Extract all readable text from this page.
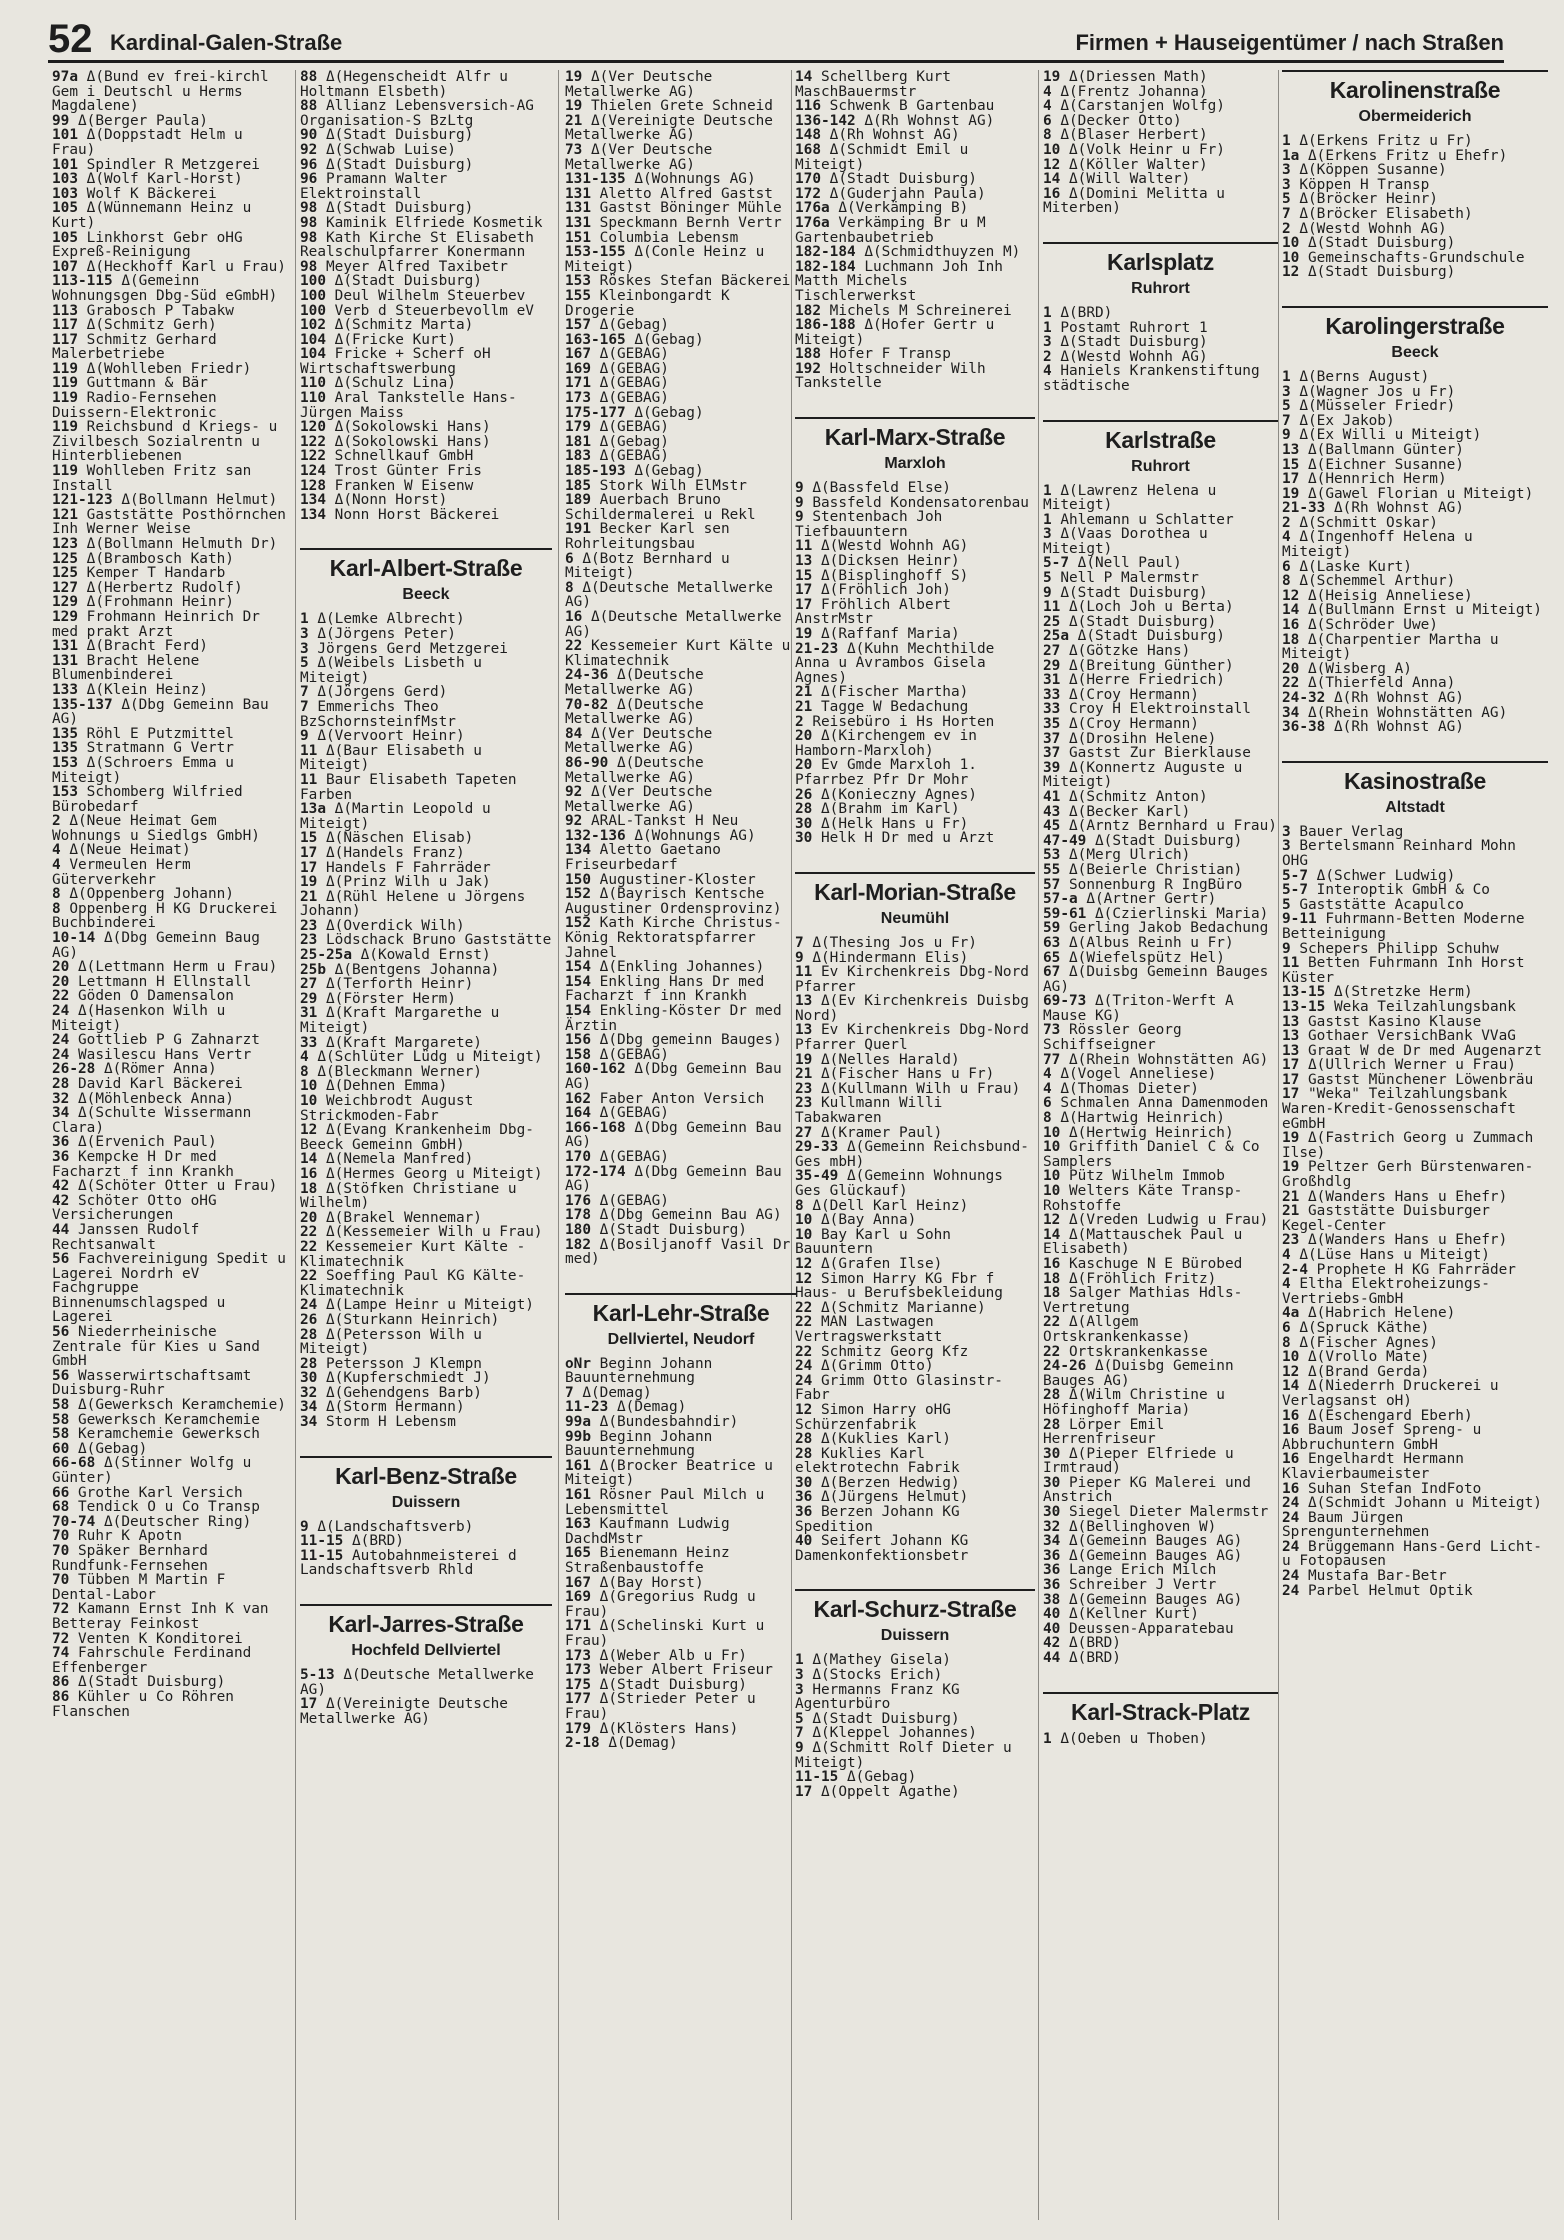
52 Kardinal-Galen-Straße	Firmen + Hauseigentümer / nach Straßen

97a Δ(Bund ev frei-kirchl Gem i Deutschl u Herms Magdalene)

99 Δ(Berger Paula)

101 Δ(Doppstadt Helm u Frau)

101 Spindler R Metzgerei

103 Δ(Wolf Karl-Horst)

103 Wolf K Bäckerei

105 Δ(Wünnemann Heinz u Kurt)

105 Linkhorst Gebr oHG Expreß-Reinigung

107 Δ(Heckhoff Karl u Frau)

113-115 Δ(Gemeinn Wohnungsgen Dbg-Süd eGmbH)

113 Grabosch P Tabakw

117 Δ(Schmitz Gerh)

117 Schmitz Gerhard Malerbetriebe

119 Δ(Wohlleben Friedr)

119 Guttmann & Bär

119 Radio-Fernsehen Duissern-Elektronic

119 Reichsbund d Kriegs- u Zivilbesch Sozialrentn u Hinterbliebenen

119 Wohlleben Fritz san Install

121-123 Δ(Bollmann Helmut)

121 Gaststätte Posthörnchen Inh Werner Weise

123 Δ(Bollmann Helmuth Dr)

125 Δ(Brambosch Kath)

125 Kemper T Handarb

127 Δ(Herbertz Rudolf)

129 Δ(Frohmann Heinr)

129 Frohmann Heinrich Dr med prakt Arzt

131 Δ(Bracht Ferd)

131 Bracht Helene Blumenbinderei

133 Δ(Klein Heinz)

135-137 Δ(Dbg Gemeinn Bau AG)

135 Röhl E Putzmittel

135 Stratmann G Vertr

153 Δ(Schroers Emma u Miteigt)

153 Schomberg Wilfried Bürobedarf

2 Δ(Neue Heimat Gem Wohnungs u Siedlgs GmbH)

4 Δ(Neue Heimat)

4 Vermeulen Herm Güterverkehr

8 Δ(Oppenberg Johann)

8 Oppenberg H KG Druckerei Buchbinderei

10-14 Δ(Dbg Gemeinn Baug AG)

20 Δ(Lettmann Herm u Frau)

20 Lettmann H Ellnstall

22 Göden O Damensalon

24 Δ(Hasenkon Wilh u Miteigt)

24 Gottlieb P G Zahnarzt

24 Wasilescu Hans Vertr

26-28 Δ(Römer Anna)

28 David Karl Bäckerei

32 Δ(Möhlenbeck Anna)

34 Δ(Schulte Wissermann Clara)

36 Δ(Ervenich Paul)

36 Kempcke H Dr med Facharzt f inn Krankh

42 Δ(Schöter Otter u Frau)

42 Schöter Otto oHG Versicherungen

44 Janssen Rudolf Rechtsanwalt

56 Fachvereinigung Spedit u Lagerei Nordrh eV Fachgruppe Binnenumschlagsped u Lagerei

56 Niederrheinische Zentrale für Kies u Sand GmbH

56 Wasserwirtschaftsamt Duisburg-Ruhr

58 Δ(Gewerksch Keramchemie)

58 Gewerksch Keramchemie

58 Keramchemie Gewerksch

60 Δ(Gebag)

66-68 Δ(Stinner Wolfg u Günter)

66 Grothe Karl Versich

68 Tendick O u Co Transp

70-74 Δ(Deutscher Ring)

70 Ruhr K Apotn

70 Späker Bernhard Rundfunk-Fernsehen

70 Tübben M Martin F Dental-Labor

72 Kamann Ernst Inh K van Betteray Feinkost

72 Venten K Konditorei

74 Fahrschule Ferdinand Effenberger

86 Δ(Stadt Duisburg)

86 Kühler u Co Röhren Flanschen

88 Δ(Hegenscheidt Alfr u Holtmann Elsbeth)

88 Allianz Lebensversich-AG Organisation-S BzLtg

90 Δ(Stadt Duisburg)

92 Δ(Schwab Luise)

96 Δ(Stadt Duisburg)

96 Pramann Walter Elektroinstall

98 Δ(Stadt Duisburg)

98 Kaminik Elfriede Kosmetik

98 Kath Kirche St Elisabeth Realschulpfarrer Konermann

98 Meyer Alfred Taxibetr

100 Δ(Stadt Duisburg)

100 Deul Wilhelm Steuerbev

100 Verb d Steuerbevollm eV

102 Δ(Schmitz Marta)

104 Δ(Fricke Kurt)

104 Fricke + Scherf oH Wirtschaftswerbung

110 Δ(Schulz Lina)

110 Aral Tankstelle Hans-Jürgen Maiss

120 Δ(Sokolowski Hans)

122 Δ(Sokolowski Hans)

122 Schnellkauf GmbH

124 Trost Günter Fris

128 Franken W Eisenw

134 Δ(Nonn Horst)

134 Nonn Horst Bäckerei

Karl-Albert-Straße
Beeck

1 Δ(Lemke Albrecht)

3 Δ(Jörgens Peter)

3 Jörgens Gerd Metzgerei

5 Δ(Weibels Lisbeth u Miteigt)

7 Δ(Jörgens Gerd)

7 Emmerichs Theo BzSchornsteinfMstr

9 Δ(Vervoort Heinr)

11 Δ(Baur Elisabeth u Miteigt)

11 Baur Elisabeth Tapeten Farben

13a Δ(Martin Leopold u Miteigt)

15 Δ(Näschen Elisab)

17 Δ(Handels Franz)

17 Handels F Fahrräder

19 Δ(Prinz Wilh u Jak)

21 Δ(Rühl Helene u Jörgens Johann)

23 Δ(Overdick Wilh)

23 Lödschack Bruno Gaststätte

25-25a Δ(Kowald Ernst)

25b Δ(Bentgens Johanna)

27 Δ(Terforth Heinr)

29 Δ(Förster Herm)

31 Δ(Kraft Margarethe u Miteigt)

33 Δ(Kraft Margarete)

4 Δ(Schlüter Lüdg u Miteigt)

8 Δ(Bleckmann Werner)

10 Δ(Dehnen Emma)

10 Weichbrodt August Strickmoden-Fabr

12 Δ(Evang Krankenheim Dbg-Beeck Gemeinn GmbH)

14 Δ(Nemela Manfred)

16 Δ(Hermes Georg u Miteigt)

18 Δ(Stöfken Christiane u Wilhelm)

20 Δ(Brakel Wennemar)

22 Δ(Kessemeier Wilh u Frau)

22 Kessemeier Kurt Kälte - Klimatechnik

22 Soeffing Paul KG Kälte-Klimatechnik

24 Δ(Lampe Heinr u Miteigt)

26 Δ(Sturkann Heinrich)

28 Δ(Petersson Wilh u Miteigt)

28 Petersson J Klempn

30 Δ(Kupferschmiedt J)

32 Δ(Gehendgens Barb)

34 Δ(Storm Hermann)

34 Storm H Lebensm

Karl-Benz-Straße
Duissern

9 Δ(Landschaftsverb)

11-15 Δ(BRD)

11-15 Autobahnmeisterei d Landschaftsverb Rhld

Karl-Jarres-Straße
Hochfeld Dellviertel

5-13 Δ(Deutsche Metallwerke AG)

17 Δ(Vereinigte Deutsche Metallwerke AG)

19 Δ(Ver Deutsche Metallwerke AG)

19 Thielen Grete Schneid

21 Δ(Vereinigte Deutsche Metallwerke AG)

73 Δ(Ver Deutsche Metallwerke AG)

131-135 Δ(Wohnungs AG)

131 Aletto Alfred Gastst

131 Gastst Böninger Mühle

131 Speckmann Bernh Vertr

151 Columbia Lebensm

153-155 Δ(Conle Heinz u Miteigt)

153 Röskes Stefan Bäckerei

155 Kleinbongardt K Drogerie

157 Δ(Gebag)

163-165 Δ(Gebag)

167 Δ(GEBAG)

169 Δ(GEBAG)

171 Δ(GEBAG)

173 Δ(GEBAG)

175-177 Δ(Gebag)

179 Δ(GEBAG)

181 Δ(Gebag)

183 Δ(GEBAG)

185-193 Δ(Gebag)

185 Stork Wilh ElMstr

189 Auerbach Bruno Schildermalerei u Rekl

191 Becker Karl sen Rohrleitungsbau

6 Δ(Botz Bernhard u Miteigt)

8 Δ(Deutsche Metallwerke AG)

16 Δ(Deutsche Metallwerke AG)

22 Kessemeier Kurt Kälte u Klimatechnik

24-36 Δ(Deutsche Metallwerke AG)

70-82 Δ(Deutsche Metallwerke AG)

84 Δ(Ver Deutsche Metallwerke AG)

86-90 Δ(Deutsche Metallwerke AG)

92 Δ(Ver Deutsche Metallwerke AG)

92 ARAL-Tankst H Neu

132-136 Δ(Wohnungs AG)

134 Aletto Gaetano Friseurbedarf

150 Augustiner-Kloster

152 Δ(Bayrisch Kentsche Augustiner Ordensprovinz)

152 Kath Kirche Christus-König Rektoratspfarrer Jahnel

154 Δ(Enkling Johannes)

154 Enkling Hans Dr med Facharzt f inn Krankh

154 Enkling-Köster Dr med Ärztin

156 Δ(Dbg gemeinn Bauges)

158 Δ(GEBAG)

160-162 Δ(Dbg Gemeinn Bau AG)

162 Faber Anton Versich

164 Δ(GEBAG)

166-168 Δ(Dbg Gemeinn Bau AG)

170 Δ(GEBAG)

172-174 Δ(Dbg Gemeinn Bau AG)

176 Δ(GEBAG)

178 Δ(Dbg Gemeinn Bau AG)

180 Δ(Stadt Duisburg)

182 Δ(Bosiljanoff Vasil Dr med)

Karl-Lehr-Straße
Dellviertel, Neudorf

oNr Beginn Johann Bauunternehmung

7 Δ(Demag)

11-23 Δ(Demag)

99a Δ(Bundesbahndir)

99b Beginn Johann Bauunternehmung

161 Δ(Brocker Beatrice u Miteigt)

161 Rösner Paul Milch u Lebensmittel

163 Kaufmann Ludwig DachdMstr

165 Bienemann Heinz Straßenbaustoffe

167 Δ(Bay Horst)

169 Δ(Gregorius Rudg u Frau)

171 Δ(Schelinski Kurt u Frau)

173 Δ(Weber Alb u Fr)

173 Weber Albert Friseur

175 Δ(Stadt Duisburg)

177 Δ(Strieder Peter u Frau)

179 Δ(Klösters Hans)

2-18 Δ(Demag)

14 Schellberg Kurt MaschBauermstr

116 Schwenk B Gartenbau

136-142 Δ(Rh Wohnst AG)

148 Δ(Rh Wohnst AG)

168 Δ(Schmidt Emil u Miteigt)

170 Δ(Stadt Duisburg)

172 Δ(Guderjahn Paula)

176a Δ(Verkämping B)

176a Verkämping Br u M Gartenbaubetrieb

182-184 Δ(Schmidthuyzen M)

182-184 Luchmann Joh Inh Matth Michels Tischlerwerkst

182 Michels M Schreinerei

186-188 Δ(Hofer Gertr u Miteigt)

188 Hofer F Transp

192 Holtschneider Wilh Tankstelle

Karl-Marx-Straße
Marxloh

9 Δ(Bassfeld Else)

9 Bassfeld Kondensatorenbau

9 Stentenbach Joh Tiefbauuntern

11 Δ(Westd Wohnh AG)

13 Δ(Dicksen Heinr)

15 Δ(Bisplinghoff S)

17 Δ(Fröhlich Joh)

17 Fröhlich Albert AnstrMstr

19 Δ(Raffanf Maria)

21-23 Δ(Kuhn Mechthilde Anna u Avrambos Gisela Agnes)

21 Δ(Fischer Martha)

21 Tagge W Bedachung

2 Reisebüro i Hs Horten

20 Δ(Kirchengem ev in Hamborn-Marxloh)

20 Ev Gmde Marxloh 1. Pfarrbez Pfr Dr Mohr

26 Δ(Konieczny Agnes)

28 Δ(Brahm im Karl)

30 Δ(Helk Hans u Fr)

30 Helk H Dr med u Arzt

Karl-Morian-Straße
Neumühl

7 Δ(Thesing Jos u Fr)

9 Δ(Hindermann Elis)

11 Ev Kirchenkreis Dbg-Nord Pfarrer

13 Δ(Ev Kirchenkreis Duisbg Nord)

13 Ev Kirchenkreis Dbg-Nord Pfarrer Querl

19 Δ(Nelles Harald)

21 Δ(Fischer Hans u Fr)

23 Δ(Kullmann Wilh u Frau)

23 Kullmann Willi Tabakwaren

27 Δ(Kramer Paul)

29-33 Δ(Gemeinn Reichsbund-Ges mbH)

35-49 Δ(Gemeinn Wohnungs Ges Glückauf)

8 Δ(Dell Karl Heinz)

10 Δ(Bay Anna)

10 Bay Karl u Sohn Bauuntern

12 Δ(Grafen Ilse)

12 Simon Harry KG Fbr f Haus- u Berufsbekleidung

22 Δ(Schmitz Marianne)

22 MAN Lastwagen Vertragswerkstatt

22 Schmitz Georg Kfz

24 Δ(Grimm Otto)

24 Grimm Otto Glasinstr-Fabr

12 Simon Harry oHG Schürzenfabrik

28 Δ(Kuklies Karl)

28 Kuklies Karl elektrotechn Fabrik

30 Δ(Berzen Hedwig)

36 Δ(Jürgens Helmut)

36 Berzen Johann KG Spedition

40 Seifert Johann KG Damenkonfektionsbetr

Karl-Schurz-Straße
Duissern

1 Δ(Mathey Gisela)

3 Δ(Stocks Erich)

3 Hermanns Franz KG Agenturbüro

5 Δ(Stadt Duisburg)

7 Δ(Kleppel Johannes)

9 Δ(Schmitt Rolf Dieter u Miteigt)

11-15 Δ(Gebag)

17 Δ(Oppelt Agathe)

19 Δ(Driessen Math)

4 Δ(Frentz Johanna)

4 Δ(Carstanjen Wolfg)

6 Δ(Decker Otto)

8 Δ(Blaser Herbert)

10 Δ(Volk Heinr u Fr)

12 Δ(Köller Walter)

14 Δ(Will Walter)

16 Δ(Domini Melitta u Miterben)

Karlsplatz
Ruhrort

1 Δ(BRD)

1 Postamt Ruhrort 1

3 Δ(Stadt Duisburg)

2 Δ(Westd Wohnh AG)

4 Haniels Krankenstiftung städtische

Karlstraße
Ruhrort

1 Δ(Lawrenz Helena u Miteigt)

1 Ahlemann u Schlatter

3 Δ(Vaas Dorothea u Miteigt)

5-7 Δ(Nell Paul)

5 Nell P Malermstr

9 Δ(Stadt Duisburg)

11 Δ(Loch Joh u Berta)

25 Δ(Stadt Duisburg)

25a Δ(Stadt Duisburg)

27 Δ(Götzke Hans)

29 Δ(Breitung Günther)

31 Δ(Herre Friedrich)

33 Δ(Croy Hermann)

33 Croy H Elektroinstall

35 Δ(Croy Hermann)

37 Δ(Drosihn Helene)

37 Gastst Zur Bierklause

39 Δ(Konnertz Auguste u Miteigt)

41 Δ(Schmitz Anton)

43 Δ(Becker Karl)

45 Δ(Arntz Bernhard u Frau)

47-49 Δ(Stadt Duisburg)

53 Δ(Merg Ulrich)

55 Δ(Beierle Christian)

57 Sonnenburg R IngBüro

57-a Δ(Artner Gertr)

59-61 Δ(Czierlinski Maria)

59 Gerling Jakob Bedachung

63 Δ(Albus Reinh u Fr)

65 Δ(Wiefelspütz Hel)

67 Δ(Duisbg Gemeinn Bauges AG)

69-73 Δ(Triton-Werft A Mause KG)

73 Rössler Georg Schiffseigner

77 Δ(Rhein Wohnstätten AG)

4 Δ(Vogel Anneliese)

4 Δ(Thomas Dieter)

6 Schmalen Anna Damenmoden

8 Δ(Hartwig Heinrich)

10 Δ(Hertwig Heinrich)

10 Griffith Daniel C & Co Samplers

10 Pütz Wilhelm Immob

10 Welters Käte Transp-Rohstoffe

12 Δ(Vreden Ludwig u Frau)

14 Δ(Mattauschek Paul u Elisabeth)

16 Kaschuge N E Bürobed

18 Δ(Fröhlich Fritz)

18 Salger Mathias Hdls-Vertretung

22 Δ(Allgem Ortskrankenkasse)

22 Ortskrankenkasse

24-26 Δ(Duisbg Gemeinn Bauges AG)

28 Δ(Wilm Christine u Höfinghoff Maria)

28 Lörper Emil Herrenfriseur

30 Δ(Pieper Elfriede u Irmtraud)

30 Pieper KG Malerei und Anstrich

30 Siegel Dieter Malermstr

32 Δ(Bellinghoven W)

34 Δ(Gemeinn Bauges AG)

36 Δ(Gemeinn Bauges AG)

36 Lange Erich Milch

36 Schreiber J Vertr

38 Δ(Gemeinn Bauges AG)

40 Δ(Kellner Kurt)

40 Deussen-Apparatebau

42 Δ(BRD)

44 Δ(BRD)

Karl-Strack-Platz

1 Δ(Oeben u Thoben)

Karolinenstraße
Obermeiderich

1 Δ(Erkens Fritz u Fr)

1a Δ(Erkens Fritz u Ehefr)

3 Δ(Köppen Susanne)

3 Köppen H Transp

5 Δ(Bröcker Heinr)

7 Δ(Bröcker Elisabeth)

2 Δ(Westd Wohnh AG)

10 Δ(Stadt Duisburg)

10 Gemeinschafts-Grundschule

12 Δ(Stadt Duisburg)

Karolingerstraße
Beeck

1 Δ(Berns August)

3 Δ(Wagner Jos u Fr)

5 Δ(Müsseler Friedr)

7 Δ(Ex Jakob)

9 Δ(Ex Willi u Miteigt)

13 Δ(Ballmann Günter)

15 Δ(Eichner Susanne)

17 Δ(Hennrich Herm)

19 Δ(Gawel Florian u Miteigt)

21-33 Δ(Rh Wohnst AG)

2 Δ(Schmitt Oskar)

4 Δ(Ingenhoff Helena u Miteigt)

6 Δ(Laske Kurt)

8 Δ(Schemmel Arthur)

12 Δ(Heisig Anneliese)

14 Δ(Bullmann Ernst u Miteigt)

16 Δ(Schröder Uwe)

18 Δ(Charpentier Martha u Miteigt)

20 Δ(Wisberg A)

22 Δ(Thierfeld Anna)

24-32 Δ(Rh Wohnst AG)

34 Δ(Rhein Wohnstätten AG)

36-38 Δ(Rh Wohnst AG)

Kasinostraße
Altstadt

3 Bauer Verlag

3 Bertelsmann Reinhard Mohn OHG

5-7 Δ(Schwer Ludwig)

5-7 Interoptik GmbH & Co

5 Gaststätte Acapulco

9-11 Fuhrmann-Betten Moderne Betteinigung

9 Schepers Philipp Schuhw

11 Betten Fuhrmann Inh Horst Küster

13-15 Δ(Stretzke Herm)

13-15 Weka Teilzahlungsbank

13 Gastst Kasino Klause

13 Gothaer VersichBank VVaG

13 Graat W de Dr med Augenarzt

17 Δ(Ullrich Werner u Frau)

17 Gastst Münchener Löwenbräu

17 "Weka" Teilzahlungsbank Waren-Kredit-Genossenschaft eGmbH

19 Δ(Fastrich Georg u Zummach Ilse)

19 Peltzer Gerh Bürstenwaren-Großhdlg

21 Δ(Wanders Hans u Ehefr)

21 Gaststätte Duisburger Kegel-Center

23 Δ(Wanders Hans u Ehefr)

4 Δ(Lüse Hans u Miteigt)

2-4 Prophete H KG Fahrräder

4 Eltha Elektroheizungs-Vertriebs-GmbH

4a Δ(Habrich Helene)

6 Δ(Spruck Käthe)

8 Δ(Fischer Agnes)

10 Δ(Vrollo Mate)

12 Δ(Brand Gerda)

14 Δ(Niederrh Druckerei u Verlagsanst oH)

16 Δ(Eschengard Eberh)

16 Baum Josef Spreng- u Abbruchuntern GmbH

16 Engelhardt Hermann Klavierbaumeister

16 Suhan Stefan IndFoto

24 Δ(Schmidt Johann u Miteigt)

24 Baum Jürgen Sprengunternehmen

24 Brüggemann Hans-Gerd Licht- u Fotopausen

24 Mustafa Bar-Betr

24 Parbel Helmut Optik
